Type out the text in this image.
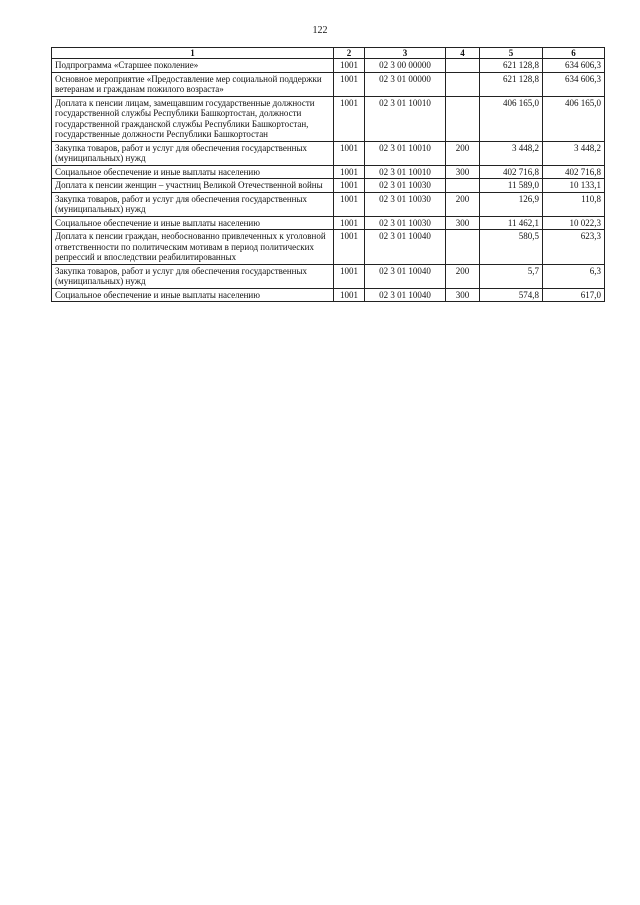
122
1	2	3	4	5	6
Подпрограмма «Старшее поколение»	1001	02 3 00 00000		621 128,8	634 606,3
Основное мероприятие «Предоставление мер социальной поддержки ветеранам и гражданам пожилого возраста»	1001	02 3 01 00000		621 128,8	634 606,3
Доплата к пенсии лицам, замещавшим государственные должности государственной службы Республики Башкортостан, должности государственной гражданской службы Республики Башкортостан, государственные должности Республики Башкортостан	1001	02 3 01 10010		406 165,0	406 165,0
Закупка товаров, работ и услуг для обеспечения государственных (муниципальных) нужд	1001	02 3 01 10010	200	3 448,2	3 448,2
Социальное обеспечение и иные выплаты населению	1001	02 3 01 10010	300	402 716,8	402 716,8
Доплата к пенсии женщин – участниц Великой Отечественной войны	1001	02 3 01 10030		11 589,0	10 133,1
Закупка товаров, работ и услуг для обеспечения государственных (муниципальных) нужд	1001	02 3 01 10030	200	126,9	110,8
Социальное обеспечение и иные выплаты населению	1001	02 3 01 10030	300	11 462,1	10 022,3
Доплата к пенсии граждан, необоснованно привлеченных к уголовной ответственности по политическим мотивам в период политических репрессий и впоследствии реабилитированных	1001	02 3 01 10040		580,5	623,3
Закупка товаров, работ и услуг для обеспечения государственных (муниципальных) нужд	1001	02 3 01 10040	200	5,7	6,3
Социальное обеспечение и иные выплаты населению	1001	02 3 01 10040	300	574,8	617,0
